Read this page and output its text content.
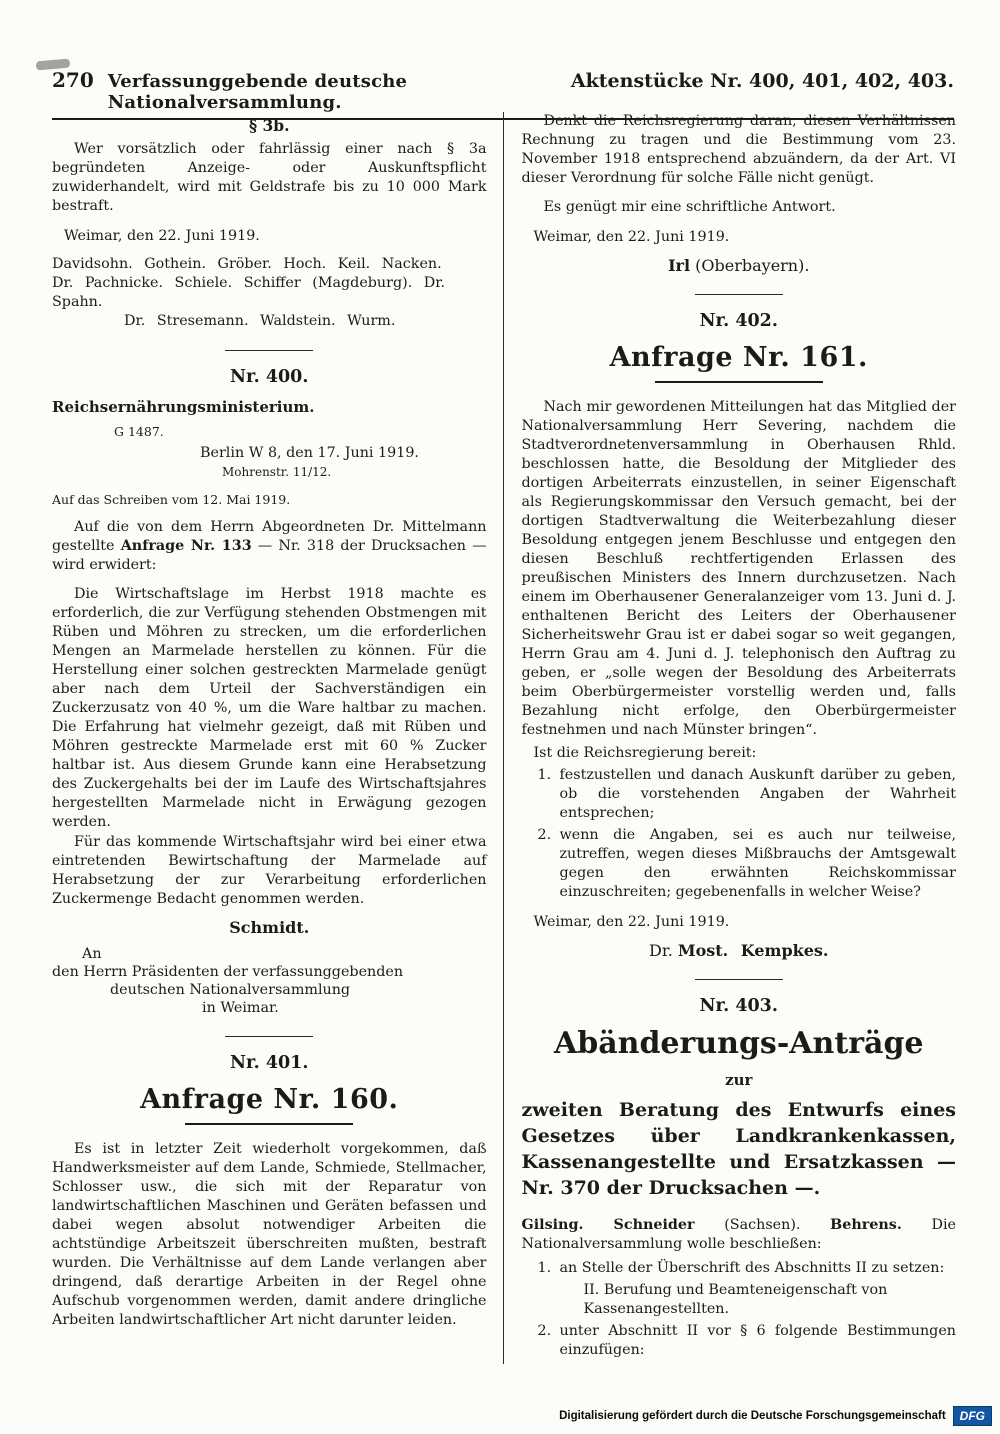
270 Verfassunggebende deutsche Nationalversammlung.
Aktenstücke Nr. 400, 401, 402, 403.

§ 3b.

Wer vorsätzlich oder fahrlässig einer nach § 3a begründeten Anzeige- oder Auskunftspflicht zuwiderhandelt, wird mit Geldstrafe bis zu 10 000 Mark bestraft.

Weimar, den 22. Juni 1919.

Davidsohn. Gothein. Gröber. Hoch. Keil. Nacken.

Dr. Pachnicke. Schiele. Schiffer (Magdeburg). Dr. Spahn.

Dr. Stresemann. Waldstein. Wurm.

Nr. 400.

Reichsernährungsministerium.

G 1487.

Berlin W 8, den 17. Juni 1919.

Mohrenstr. 11/12.

Auf das Schreiben vom 12. Mai 1919.

Auf die von dem Herrn Abgeordneten Dr. Mittelmann gestellte Anfrage Nr. 133 — Nr. 318 der Drucksachen — wird erwidert:

Die Wirtschaftslage im Herbst 1918 machte es erforderlich, die zur Verfügung stehenden Obstmengen mit Rüben und Möhren zu strecken, um die erforderlichen Mengen an Marmelade herstellen zu können. Für die Herstellung einer solchen gestreckten Marmelade genügt aber nach dem Urteil der Sachverständigen ein Zuckerzusatz von 40 %, um die Ware haltbar zu machen. Die Erfahrung hat vielmehr gezeigt, daß mit Rüben und Möhren gestreckte Marmelade erst mit 60 % Zucker haltbar ist. Aus diesem Grunde kann eine Herabsetzung des Zuckergehalts bei der im Laufe des Wirtschaftsjahres hergestellten Marmelade nicht in Erwägung gezogen werden.

Für das kommende Wirtschaftsjahr wird bei einer etwa eintretenden Bewirtschaftung der Marmelade auf Herabsetzung der zur Verarbeitung erforderlichen Zuckermenge Bedacht genommen werden.

Schmidt.

An

den Herrn Präsidenten der verfassunggebenden

deutschen Nationalversammlung

in Weimar.

Nr. 401.

Anfrage Nr. 160.

Es ist in letzter Zeit wiederholt vorgekommen, daß Handwerksmeister auf dem Lande, Schmiede, Stellmacher, Schlosser usw., die sich mit der Reparatur von landwirtschaftlichen Maschinen und Geräten befassen und dabei wegen absolut notwendiger Arbeiten die achtstündige Arbeitszeit überschreiten mußten, bestraft wurden. Die Verhältnisse auf dem Lande verlangen aber dringend, daß derartige Arbeiten in der Regel ohne Aufschub vorgenommen werden, damit andere dringliche Arbeiten landwirtschaftlicher Art nicht darunter leiden.

Denkt die Reichsregierung daran, diesen Verhältnissen Rechnung zu tragen und die Bestimmung vom 23. November 1918 entsprechend abzuändern, da der Art. VI dieser Verordnung für solche Fälle nicht genügt.

Es genügt mir eine schriftliche Antwort.

Weimar, den 22. Juni 1919.

Irl (Oberbayern).

Nr. 402.

Anfrage Nr. 161.

Nach mir gewordenen Mitteilungen hat das Mitglied der Nationalversammlung Herr Severing, nachdem die Stadtverordnetenversammlung in Oberhausen Rhld. beschlossen hatte, die Besoldung der Mitglieder des dortigen Arbeiterrats einzustellen, in seiner Eigenschaft als Regierungskommissar den Versuch gemacht, bei der dortigen Stadtverwaltung die Weiterbezahlung dieser Besoldung entgegen jenem Beschlusse und entgegen den diesen Beschluß rechtfertigenden Erlassen des preußischen Ministers des Innern durchzusetzen. Nach einem im Oberhausener Generalanzeiger vom 13. Juni d. J. enthaltenen Bericht des Leiters der Oberhausener Sicherheitswehr Grau ist er dabei sogar so weit gegangen, Herrn Grau am 4. Juni d. J. telephonisch den Auftrag zu geben, er „solle wegen der Besoldung des Arbeiterrats beim Oberbürgermeister vorstellig werden und, falls Bezahlung nicht erfolge, den Oberbürgermeister festnehmen und nach Münster bringen“.

Ist die Reichsregierung bereit:

1. festzustellen und danach Auskunft darüber zu geben, ob die vorstehenden Angaben der Wahrheit entsprechen;
2. wenn die Angaben, sei es auch nur teilweise, zutreffen, wegen dieses Mißbrauchs der Amtsgewalt gegen den erwähnten Reichskommissar einzuschreiten; gegebenenfalls in welcher Weise?

Weimar, den 22. Juni 1919.

Dr. Most. Kempkes.

Nr. 403.

Abänderungs-Anträge

zur

zweiten Beratung des Entwurfs eines Gesetzes über Landkrankenkassen, Kassenangestellte und Ersatzkassen — Nr. 370 der Drucksachen —.

Gilsing. Schneider (Sachsen). Behrens. Die Nationalversammlung wolle beschließen:

1. an Stelle der Überschrift des Abschnitts II zu setzen:

II. Berufung und Beamteneigenschaft von Kassenangestellten.

2. unter Abschnitt II vor § 6 folgende Bestimmungen einzufügen:
Digitalisierung gefördert durch die Deutsche Forschungsgemeinschaft	DFG
